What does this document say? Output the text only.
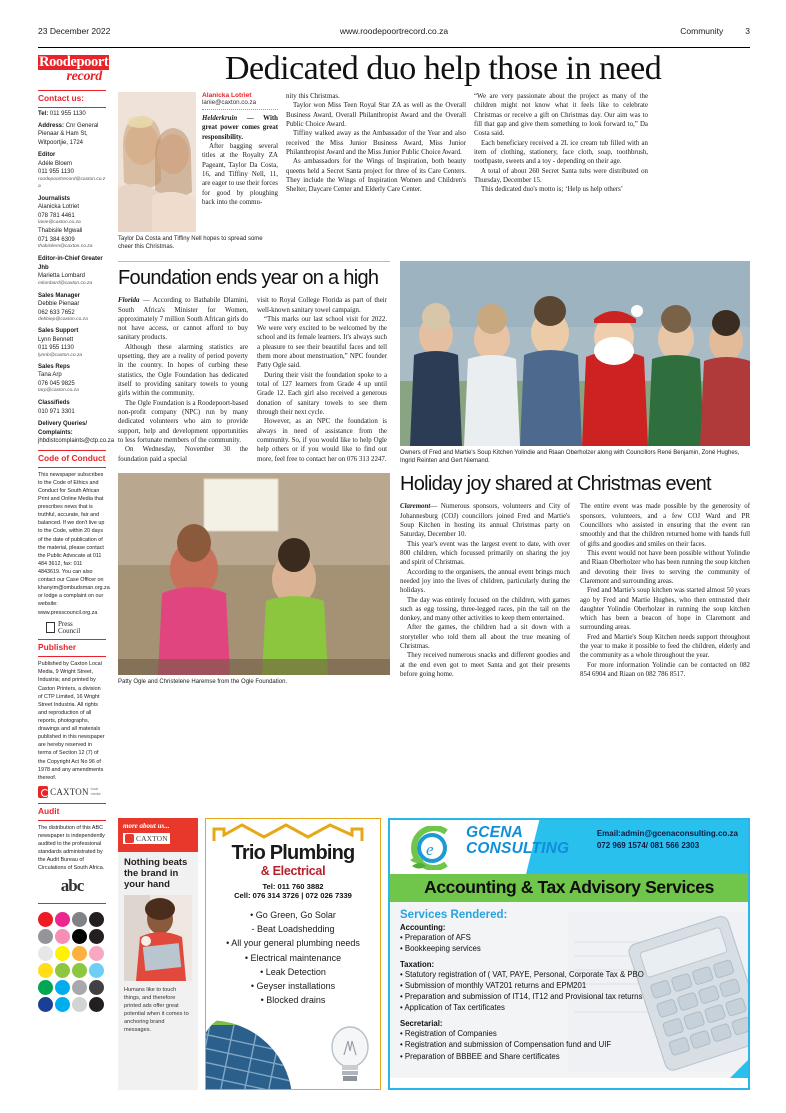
23 December 2022	www.roodepoortrecord.co.za	Community	3
Roodepoort
record
Contact us:

Tel: 011 955 1130

Address: Cnr General Pienaar & Ham St, Witpoortjie, 1724

Editor
Adéle Bloem
011 955 1130
roodepoortrecord@caxton.co.za
Journalists
Alanicka Lotriet
078 781 4461
lanie@caxton.co.za
Thabisile Mgwali
071 384 6309
thabisilem@caxton.co.za
Editor-in-Chief Greater Jhb
Marietta Lombard
mlombard@caxton.co.za
Sales Manager
Debbie Pienaar
062 633 7652
debbiep@caxton.co.za
Sales Support
Lynn Bennett
011 955 1130
lynnb@caxton.co.za
Sales Reps
Tana Arp
076 045 9825
tarp@caxton.co.za
Classifieds
010 971 3301
Delivery Queries/ Complaints:
jhbdistcomplaints@ctp.co.za
Code of Conduct
This newspaper subscribes to the Code of Ethics and Conduct for South African Print and Online Media that prescribes news that is truthful, accurate, fair and balanced. If we don't live up to the Code, within 20 days of the date of publication of the material, please contact the Public Advocate at 011 484 3612, fax: 011 4843619. You can also contact our Case Officer on khanyim@ombudsman.org.za or lodge a complaint on our website: www.presscouncil.org.za
Press
Council
Publisher
Published by Caxton Local Media, 9 Wright Street, Industria; and printed by Caxton Printers, a division of CTP Limited, 16 Wright Street Industria. All rights and reproduction of all reports, photographs, drawings and all materials published in this newspaper are hereby reserved in terms of Section 12 (7) of the Copyright Act No 96 of 1978 and any amendments thereof.
CAXTON local media
Audit
The distribution of this ABC newspaper is independently audited to the professional standards administrated by the Audit Bureau of Circulations of South Africa.
abc
Dedicated duo help those in need
Alanicka Lotriet
lanie@caxton.co.za

Helderkruin — With great power comes great responsibility.

After bagging several titles at the Royalty ZA Pageant, Taylor Da Costa, 16, and Tiffiny Nell, 11, are eager to use their forces for good by ploughing back into the commu-

Taylor Da Costa and Tiffiny Nell hopes to spread some cheer this Christmas.

nity this Christmas.

Taylor won Miss Teen Royal Star ZA as well as the Overall Business Award, Overall Philanthropist Award and the Overall Public Choice Award.

Tiffiny walked away as the Ambassador of the Year and also received the Miss Junior Business Award, Miss Junior Philanthropist Award and the Miss Junior Public Choice Award.

As ambassadors for the Wings of Inspiration, both beauty queens held a Secret Santa project for three of its Care Centers. They include the Wings of Inspiration Women and Children's Shelter, Daycare Center and Elderly Care Center.

“We are very passionate about the project as many of the children might not know what it feels like to celebrate Christmas or receive a gift on Christmas day. Our aim was to fill that gap and give them something to look forward to,” Da Costa said.

Each beneficiary received a 2L ice cream tub filled with an item of clothing, stationery, face cloth, soap, toothbrush, toothpaste, sweets and a toy - depending on their age.

A total of about 260 Secret Santa tubs were distributed on Thursday, December 15.

This dedicated duo's motto is; ‘Help us help others’

Foundation ends year on a high

Florida — According to Bathabile Dlamini, South Africa's Minister for Women, approximately 7 million South African girls do not have access, or cannot afford to buy sanitary products.

Although these alarming statistics are upsetting, they are a reality of period poverty in the country. In hopes of curbing these statistics, the Ogle Foundation has dedicated itself to providing sanitary towels to young girls within the community.

The Ogle Foundation is a Roodepoort-based non-profit company (NPC) run by many dedicated volunteers who aim to provide support, help and development opportunities to less fortunate members of the community.

On Wednesday, November 30 the foundation paid a special

visit to Royal College Florida as part of their well-known sanitary towel campaign.

“This marks our last school visit for 2022. We were very excited to be welcomed by the school and its female learners. It's always such a pleasure to see their beautiful faces and tell them more about menstruation,” NPC founder Patty Ogle said.

During their visit the foundation spoke to a total of 127 learners from Grade 4 up until Grade 12. Each girl also received a generous donation of sanitary towels to see them through their next cycle.

However, as an NPC the foundation is always in need of assistance from the community. So, if you would like to help Ogle help others or if you would like to find out more, feel free to contact her on 076 313 2247.

Patty Ogle and Christelene Haremse from the Ogle Foundation.
Owners of Fred and Martie's Soup Kitchen Yolindie and Riaan Oberholzer along with Councillors René Benjamin, Zoné Hughes, Ingrid Reinten and Gert Niemand.
Holiday joy shared at Christmas event

Claremont— Numerous sponsors, volunteers and City of Johannesburg (COJ) councillors joined Fred and Martie's Soup Kitchen in hosting its annual Christmas party on Saturday, December 10.

This year's event was the largest event to date, with over 800 children, which focussed primarily on sharing the joy and spirit of Christmas.

According to the organisers, the annual event brings much needed joy into the lives of children, particularly during the holidays.

The day was entirely focused on the children, with games such as egg tossing, three-legged races, pin the tail on the donkey, and many other activities to keep them entertained.

After the games, the children had a sit down with a storyteller who told them all about the true meaning of Christmas.

They received numerous snacks and different goodies and at the end even got to meet Santa and got their presents before going home.

The entire event was made possible by the generosity of sponsors, volunteers, and a few COJ Ward and PR Councillors who assisted in ensuring that the event ran smoothly and that the children returned home with hands full of gifts and goodies and smiles on their faces.

This event would not have been possible without Yolindie and Riaan Oberholzer who has been running the soup kitchen and devoting their lives to serving the community of Claremont and surrounding areas.

Fred and Martie's soup kitchen was started almost 50 years ago by Fred and Martie Hughes, who then entrusted their daughter Yolindie Oberholzer in running the soup kitchen which has been a beacon of hope in Claremont and surrounding areas.

Fred and Martie's Soup Kitchen needs support throughout the year to make it possible to feed the children, elderly and the community as a whole throughout the year.

For more information Yolindie can be contacted on 082 854 6904 and Riaan on 082 786 8517.

more about us...
CAXTON
Nothing beats the brand in your hand
Humans like to touch things, and therefore printed ads offer great potential when it comes to anchoring brand messages.
Trio Plumbing
& Electrical
Tel: 011 760 3882
Cell: 076 314 3726 | 072 026 7339
• Go Green, Go Solar
- Beat Loadshedding
• All your general plumbing needs
• Electrical maintenance
• Leak Detection
• Geyser installations
• Blocked drains
e
GCENA
CONSULTING
Email:admin@gcenaconsulting.co.za
072 969 1574/ 081 566 2303
Accounting & Tax Advisory Services
Services Rendered:
Accounting:
• Preparation of AFS
• Bookkeeping services
Taxation:
• Statutory registration of ( VAT, PAYE, Personal, Corporate Tax & PBO
• Submission of monthly VAT201 returns and EPM201
• Preparation and submission of IT14, IT12 and Provisional tax returns
• Application of Tax certificates
Secretarial:
• Registration of Companies
• Registration and submission of Compensation fund and UIF
• Preparation of BBBEE and Share certificates
